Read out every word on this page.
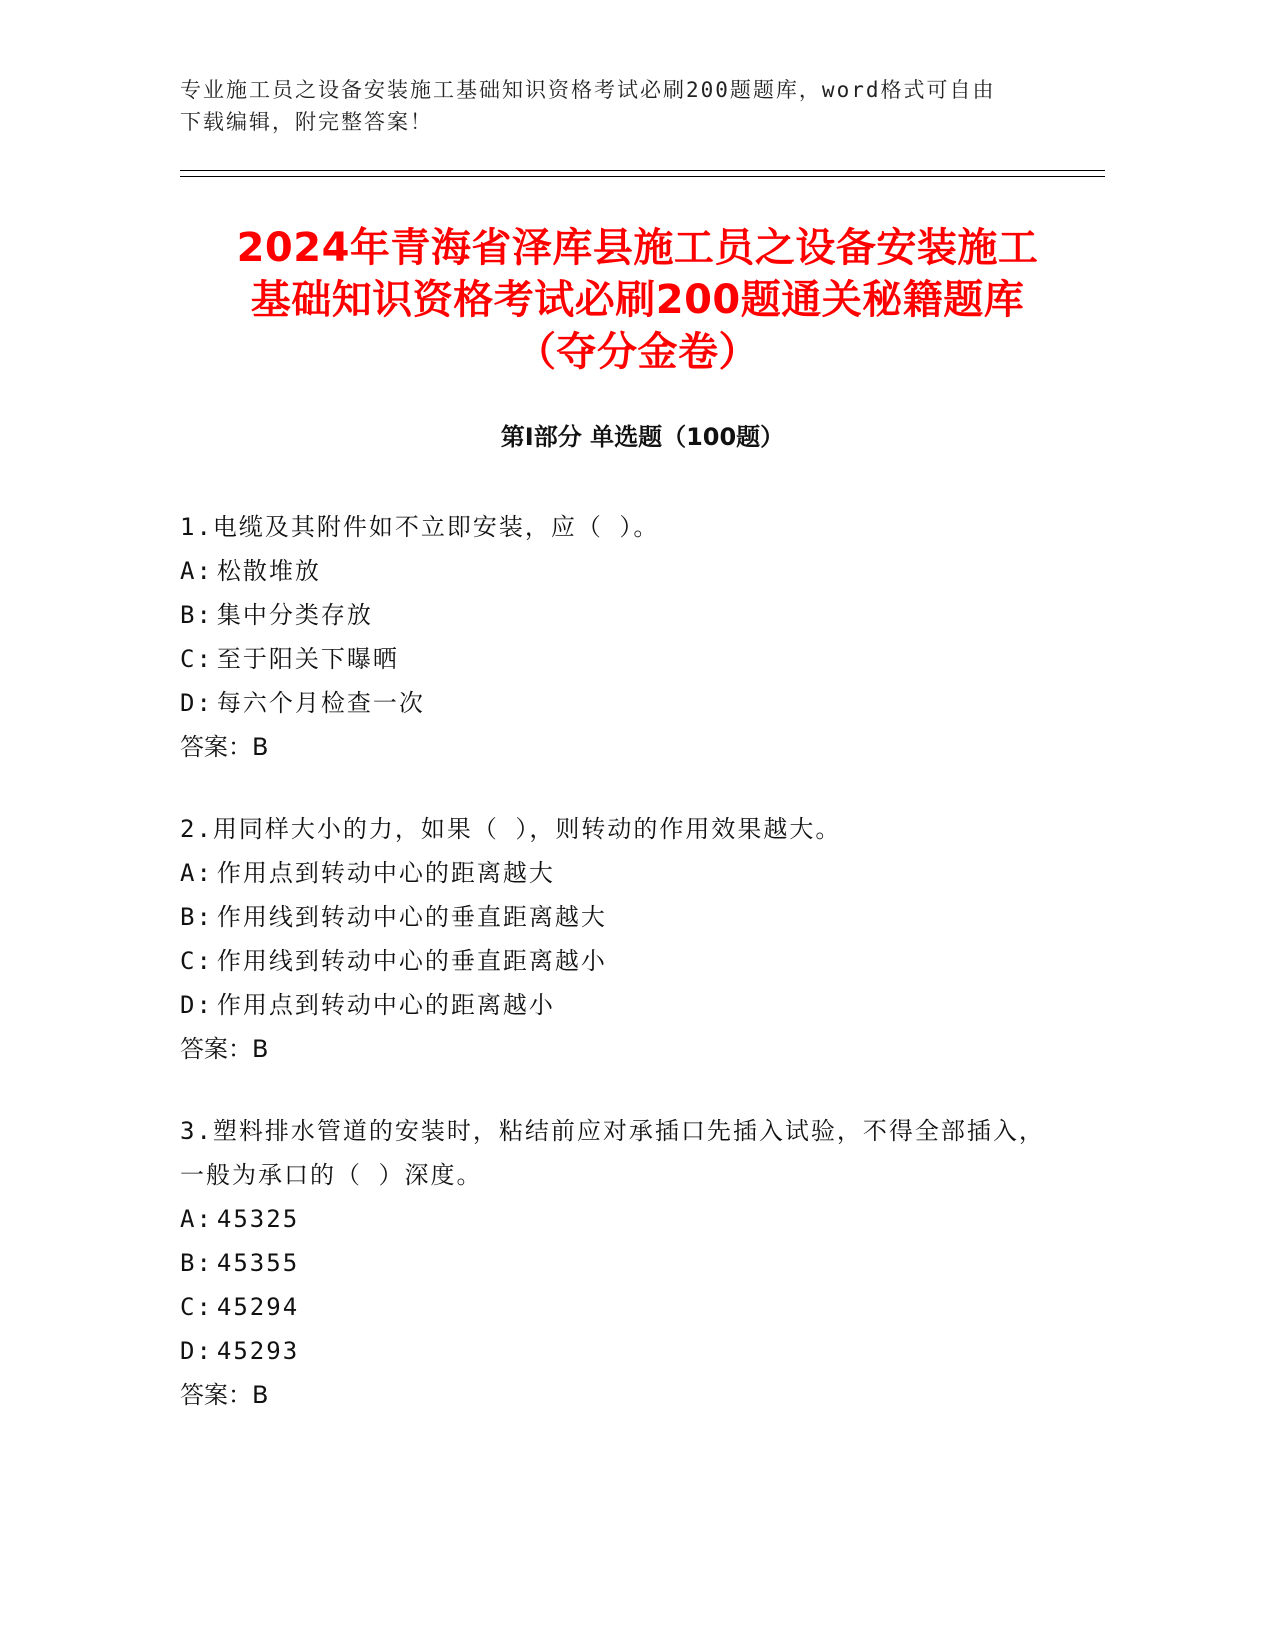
专业施工员之设备安装施工基础知识资格考试必刷200题题库，word格式可自由
下载编辑，附完整答案！
2024年青海省泽库县施工员之设备安装施工
基础知识资格考试必刷200题通关秘籍题库
（夺分金卷）
第Ⅰ部分 单选题（100题）

1.电缆及其附件如不立即安装，应（ ）。

A: 松散堆放

B: 集中分类存放

C: 至于阳关下曝晒

D: 每六个月检查一次

答案：B

2.用同样大小的力，如果（ ），则转动的作用效果越大。

A: 作用点到转动中心的距离越大

B: 作用线到转动中心的垂直距离越大

C: 作用线到转动中心的垂直距离越小

D: 作用点到转动中心的距离越小

答案：B

3.塑料排水管道的安装时，粘结前应对承插口先插入试验，不得全部插入，一般为承口的（ ）深度。

A: 45325

B: 45355

C: 45294

D: 45293

答案：B
